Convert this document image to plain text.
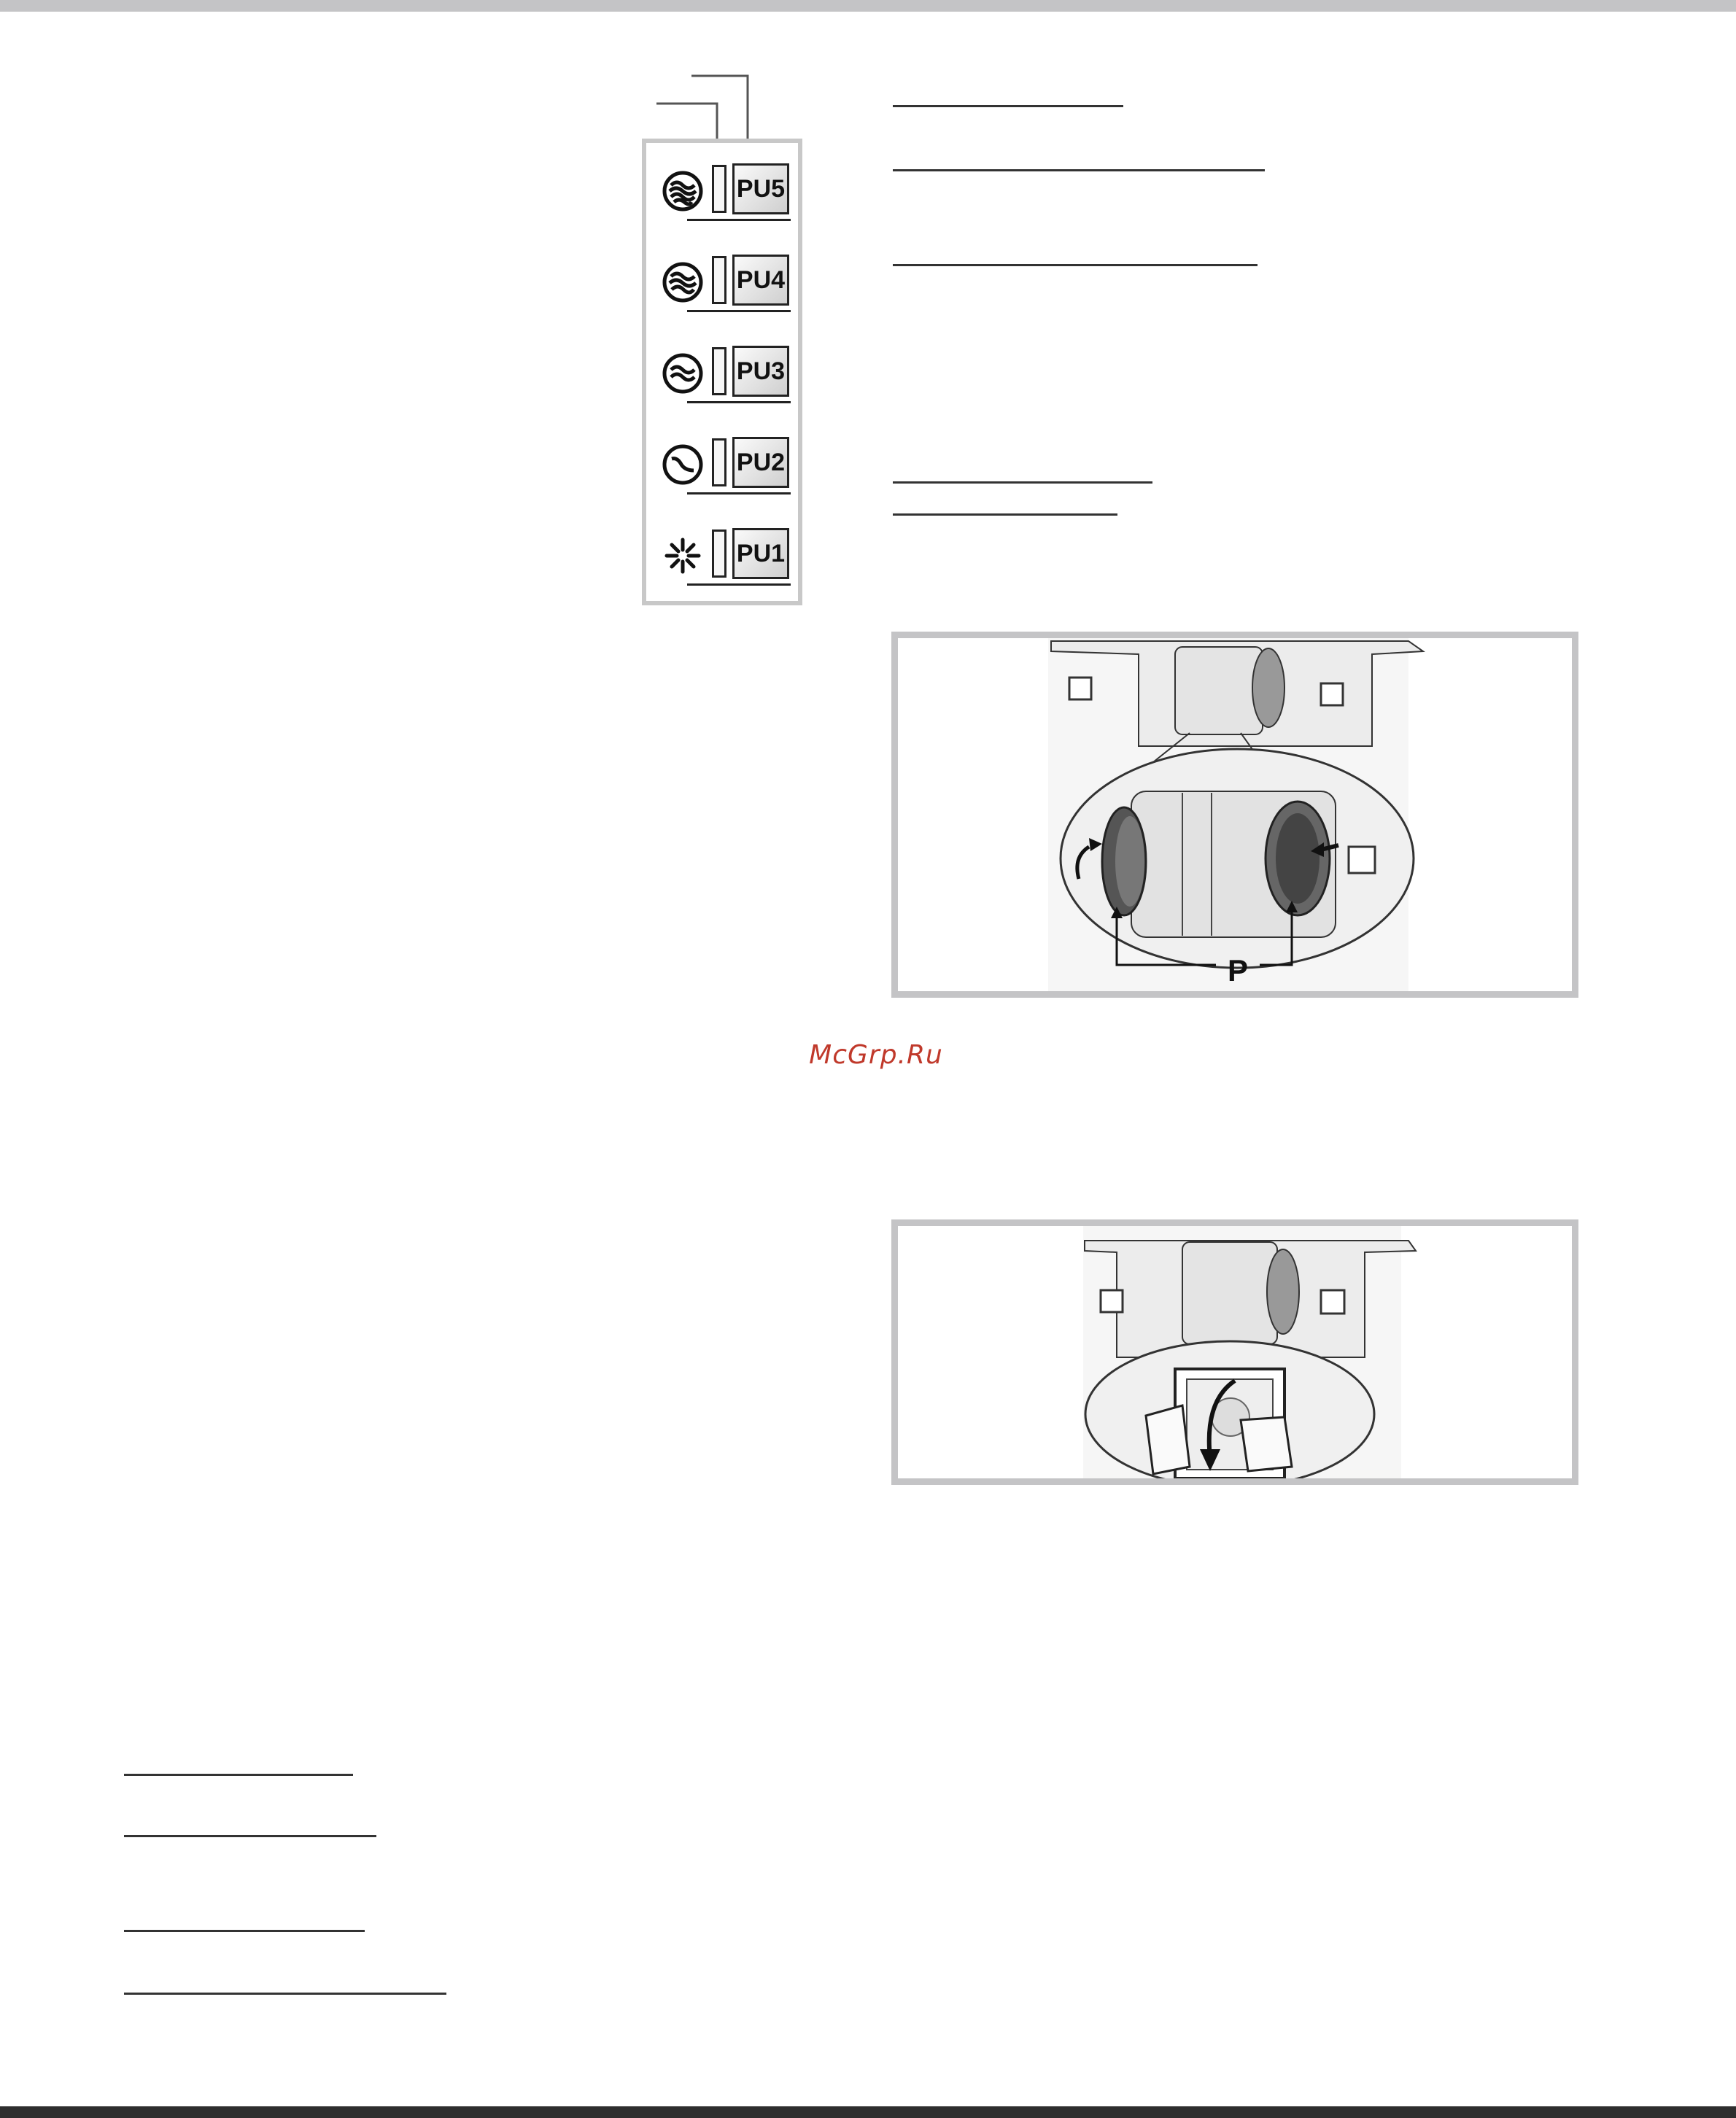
PU5
PU4
PU3
PU2
PU1
P
McGrp.Ru
